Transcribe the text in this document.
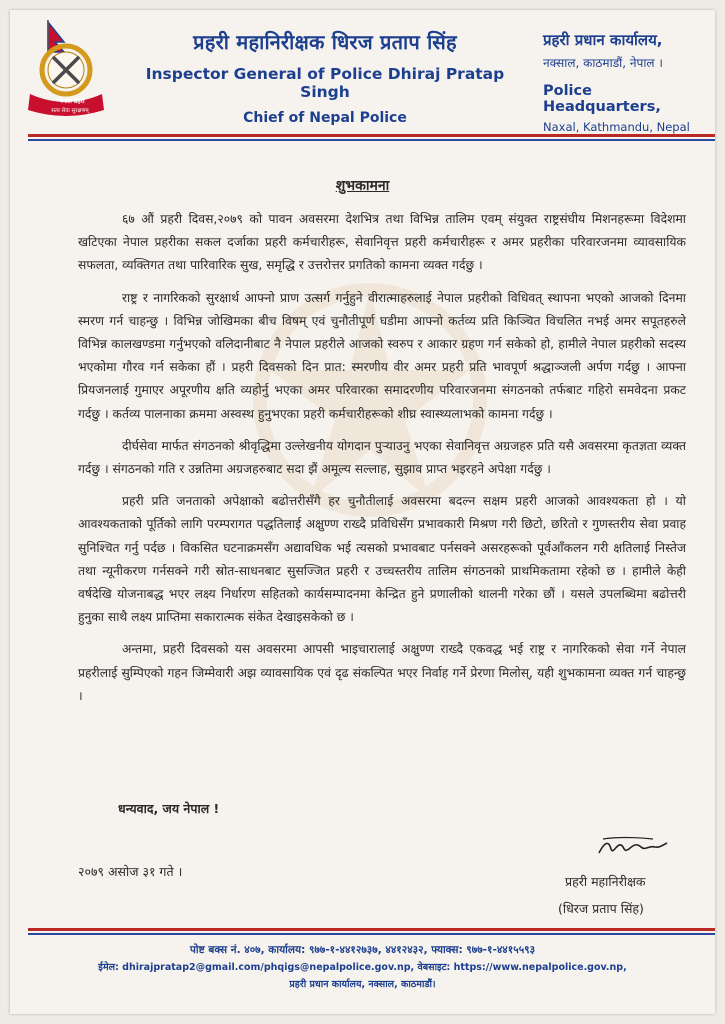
नेपाल प्रहरी
सत्य सेवा सुरक्षणम्
प्रहरी महानिरीक्षक धिरज प्रताप सिंह
Inspector General of Police Dhiraj Pratap Singh
Chief of Nepal Police
प्रहरी प्रधान कार्यालय,
नक्साल, काठमाडौं, नेपाल ।
Police Headquarters,
Naxal, Kathmandu, Nepal
शुभकामना

६७ औं प्रहरी दिवस,२०७९ को पावन अवसरमा देशभित्र तथा विभिन्न तालिम एवम् संयुक्त राष्ट्रसंघीय मिशनहरूमा विदेशमा खटिएका नेपाल प्रहरीका सकल दर्जाका प्रहरी कर्मचारीहरू, सेवानिवृत्त प्रहरी कर्मचारीहरू र अमर प्रहरीका परिवारजनमा व्यावसायिक सफलता, व्यक्तिगत तथा पारिवारिक सुख, समृद्धि र उत्तरोत्तर प्रगतिको कामना व्यक्त गर्दछु ।

राष्ट्र र नागरिकको सुरक्षार्थ आफ्नो प्राण उत्सर्ग गर्नुहुने वीरात्माहरुलाई नेपाल प्रहरीको विधिवत् स्थापना भएको आजको दिनमा स्मरण गर्न चाहन्छु । विभिन्न जोखिमका बीच विषम् एवं चुनौतीपूर्ण घडीमा आफ्नो कर्तव्य प्रति किञ्चित विचलित नभई अमर सपूतहरुले विभिन्न कालखण्डमा गर्नुभएको वलिदानीबाट नै नेपाल प्रहरीले आजको स्वरुप र आकार ग्रहण गर्न सकेको हो, हामीले नेपाल प्रहरीको सदस्य भएकोमा गौरव गर्न सकेका हौं । प्रहरी दिवसको दिन प्रात: स्मरणीय वीर अमर प्रहरी प्रति भावपूर्ण श्रद्धाञ्जली अर्पण गर्दछु । आफ्ना प्रियजनलाई गुमाएर अपूरणीय क्षति व्यहोर्नु भएका अमर परिवारका समादरणीय परिवारजनमा संगठनको तर्फबाट गहिरो समवेदना प्रकट गर्दछु । कर्तव्य पालनाका क्रममा अस्वस्थ हुनुभएका प्रहरी कर्मचारीहरूको शीघ्र स्वास्थ्यलाभको कामना गर्दछु ।

दीर्घसेवा मार्फत संगठनको श्रीवृद्धिमा उल्लेखनीय योगदान पुऱ्याउनु भएका सेवानिवृत्त अग्रजहरु प्रति यसै अवसरमा कृतज्ञता व्यक्त गर्दछु । संगठनको गति र उन्नतिमा अग्रजहरुबाट सदा झैं अमूल्य सल्लाह, सुझाव प्राप्त भइरहने अपेक्षा गर्दछु ।

प्रहरी प्रति जनताको अपेक्षाको बढोत्तरीसँगै हर चुनौतीलाई अवसरमा बदल्न सक्षम प्रहरी आजको आवश्यकता हो । यो आवश्यकताको पूर्तिको लागि परम्परागत पद्धतिलाई अक्षुण्ण राख्दै प्रविधिसँग प्रभावकारी मिश्रण गरी छिटो, छरितो र गुणस्तरीय सेवा प्रवाह सुनिश्चित गर्नु पर्दछ । विकसित घटनाक्रमसँग अद्यावधिक भई त्यसको प्रभावबाट पर्नसक्ने असरहरूको पूर्वआँकलन गरी क्षतिलाई निस्तेज तथा न्यूनीकरण गर्नसक्ने गरी स्रोत-साधनबाट सुसज्जित प्रहरी र उच्चस्तरीय तालिम संगठनको प्राथमिकतामा रहेको छ । हामीले केही वर्षदेखि योजनाबद्ध भएर लक्ष्य निर्धारण सहितको कार्यसम्पादनमा केन्द्रित हुने प्रणालीको थालनी गरेका छौं । यसले उपलब्धिमा बढोत्तरी हुनुका साथै लक्ष्य प्राप्तिमा सकारात्मक संकेत देखाइसकेको छ ।

अन्तमा, प्रहरी दिवसको यस अवसरमा आपसी भाइचारालाई अक्षुण्ण राख्दै एकवद्ध भई राष्ट्र र नागरिकको सेवा गर्ने नेपाल प्रहरीलाई सुम्पिएको गहन जिम्मेवारी अझ व्यावसायिक एवं दृढ संकल्पित भएर निर्वाह गर्ने प्रेरणा मिलोस्, यही शुभकामना व्यक्त गर्न चाहन्छु ।

धन्यवाद, जय नेपाल !
२०७९ असोज ३१ गते ।
प्रहरी महानिरीक्षक
(धिरज प्रताप सिंह)
पोष्ट बक्स नं. ४०७, कार्यालय: ९७७-१-४४१२७३७, ४४१२४३२, फ्याक्स: ९७७-१-४४१५५९३
ईमेल: dhirajpratap2@gmail.com/phqigs@nepalpolice.gov.np, वेबसाइट: https://www.nepalpolice.gov.np,
प्रहरी प्रधान कार्यालय, नक्साल, काठमाडौं।
